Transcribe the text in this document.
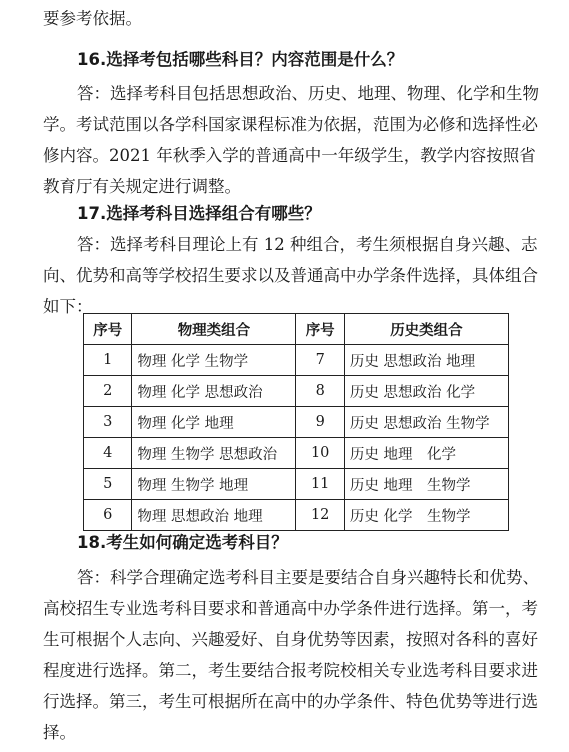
要参考依据。

16.选择考包括哪些科目？内容范围是什么？

答：选择考科目包括思想政治、历史、地理、物理、化学和生物
学。考试范围以各学科国家课程标准为依据，范围为必修和选择性必
修内容。2021 年秋季入学的普通高中一年级学生，教学内容按照省
教育厅有关规定进行调整。

17.选择考科目选择组合有哪些？

答：选择考科目理论上有 12 种组合，考生须根据自身兴趣、志
向、优势和高等学校招生要求以及普通高中办学条件选择，具体组合
如下：

序号	物理类组合	序号	历史类组合
1	物理 化学 生物学	7	历史 思想政治 地理
2	物理 化学 思想政治	8	历史 思想政治 化学
3	物理 化学 地理	9	历史 思想政治 生物学
4	物理 生物学 思想政治	10	历史 地理　化学
5	物理 生物学 地理	11	历史 地理　生物学
6	物理 思想政治 地理	12	历史 化学　生物学
18.考生如何确定选考科目？

答：科学合理确定选考科目主要是要结合自身兴趣特长和优势、
高校招生专业选考科目要求和普通高中办学条件进行选择。第一，考
生可根据个人志向、兴趣爱好、自身优势等因素，按照对各科的喜好
程度进行选择。第二，考生要结合报考院校相关专业选考科目要求进
行选择。第三，考生可根据所在高中的办学条件、特色优势等进行选
择。
